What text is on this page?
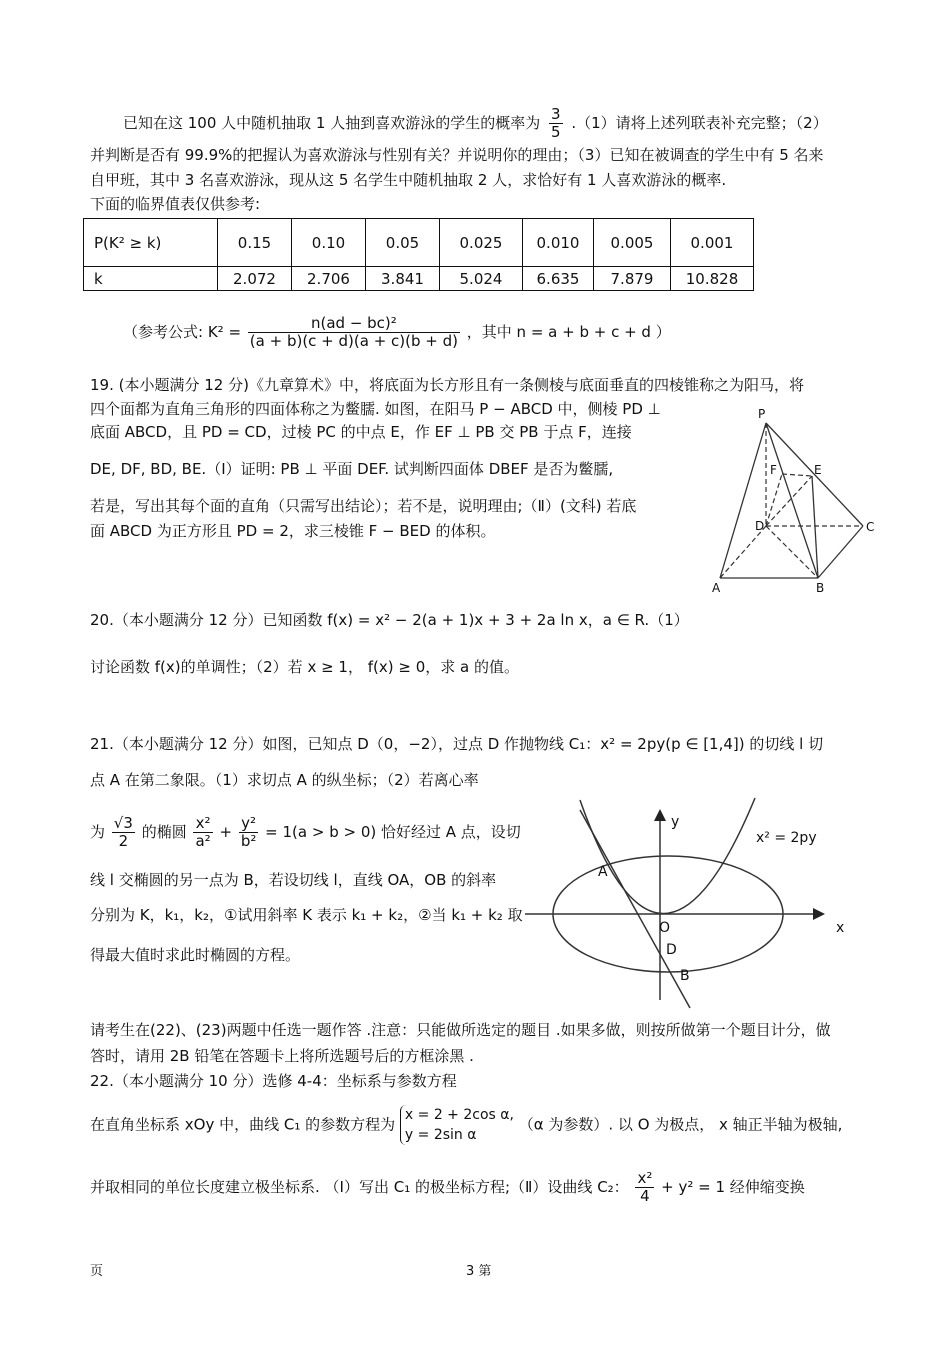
已知在这 100 人中随机抽取 1 人抽到喜欢游泳的学生的概率为 $\frac{3}{5} .(1)$请将上述列联表补充完整；（2）
并判断是否有 99.9%的把握认为喜欢游泳与性别有关？并说明你的理由；（3）已知在被调查的学生中有 5 名来
自甲班，其中 3 名喜欢游泳，现从这 5 名学生中随机抽取 2 人，求恰好有 1 人喜欢游泳的概率.
下面的临界值表仅供参考:
P(K² ≥ k)	0.15	0.10	0.05	0.025	0.010	0.005	0.001
k	2.072	2.706	3.841	5.024	6.635	7.879	10.828
（参考公式: $K^2 = \frac{\text{n(ad − bc)²}}{(a + b)(c + d)(a + c)(b + d)}$ ，其中 n = a + b + c + d ）
19. (本小题满分 12 分)《九章算术》中，将底面为长方形且有一条侧棱与底面垂直的四棱锥称之为阳马，将
四个面都为直角三角形的四面体称之为鳖臑. 如图，在阳马 P − ABCD 中，侧棱 PD ⊥
底面 ABCD，且 PD = CD，过棱 PC 的中点 E，作 EF ⊥ PB 交 PB 于点 F，连接
DE, DF, BD, BE.（Ⅰ）证明: PB ⊥ 平面 DEF. 试判断四面体 DBEF 是否为鳖臑,
若是，写出其每个面的直角（只需写出结论）；若不是，说明理由;（Ⅱ）(文科) 若底
面 ABCD 为正方形且 PD = 2，求三棱锥 F − BED 的体积。
P
F	E
D	C
A	B
20.（本小题满分 12 分）已知函数 f(x) = x² − 2(a + 1)x + 3 + 2a ln x，a ∈ R.（1）
讨论函数 f(x)的单调性；（2）若 x ≥ 1， f(x) ≥ 0，求 a 的值。
21.（本小题满分 12 分）如图，已知点 D（0，−2），过点 D 作抛物线 C₁：x² = 2py(p ∈ [1,4]) 的切线 l 切
点 A 在第二象限。（1）求切点 A 的纵坐标；（2）若离心率
为 $\frac{√3}{2}$ 的椭圆 $\frac{\text{x²}}{\text{a²}} + \frac{\text{y²}}{\text{b²}} = 1(a > b > 0)$ 恰好经过 A 点，设切
线 l 交椭圆的另一点为 B，若设切线 l，直线 OA，OB 的斜率
分别为 K，k₁，k₂，①试用斜率 K 表示 k₁ + k₂，②当 k₁ + k₂ 取
得最大值时求此时椭圆的方程。
y
x
x² = 2py
A
O
D
B
请考生在(22)、(23)两题中任选一题作答 .注意：只能做所选定的题目 .如果多做，则按所做第一个题目计分，做
答时，请用 2B 铅笔在答题卡上将所选题号后的方框涂黑 .
22.（本小题满分 10 分）选修 4-4：坐标系与参数方程
在直角坐标系 xOy 中，曲线 C₁ 的参数方程为
x = 2 + 2cos α,
y = 2sin α
（α 为参数）. 以 O 为极点， x 轴正半轴为极轴,
并取相同的单位长度建立极坐标系. （Ⅰ）写出 C₁ 的极坐标方程;（Ⅱ）设曲线 C₂： $\frac{\text{x²}}{4} + y^2 = 1$ 经伸缩变换
页	3 第
